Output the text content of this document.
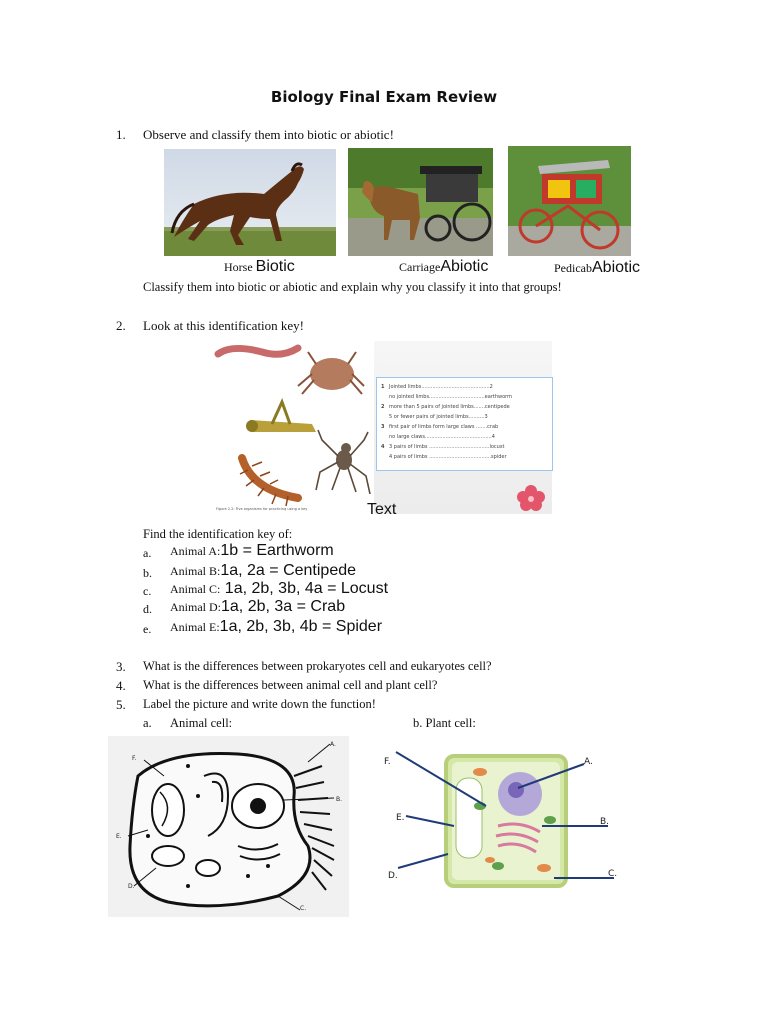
Biology Final Exam Review
1. Observe and classify them into biotic or abiotic!
Horse Biotic	CarriageAbiotic	PedicabAbiotic
Classify them into biotic or abiotic and explain why you classify it into that groups!
2. Look at this identification key!
Figure 2.2: Five organisms for practicing using a key
1 Jointed limbs...........................................2
no jointed limbs...................................earthworm
2 more than 5 pairs of jointed limbs.......centipede
5 or fewer pairs of jointed limbs..........3
3 first pair of limbs form large claws .......crab
no large claws..........................................4
4 3 pairs of limbs ......................................locust
4 pairs of limbs .......................................spider
Text
Find the identification key of:
a. Animal A:1b = Earthworm
b. Animal B:1a, 2a = Centipede
c. Animal C: 1a, 2b, 3b, 4a = Locust
d. Animal D:1a, 2b, 3a = Crab
e. Animal E:1a, 2b, 3b, 4b = Spider
3. What is the differences between prokaryotes cell and eukaryotes cell?
4. What is the differences between animal cell and plant cell?
5. Label the picture and write down the function!
a. Animal cell:	b. Plant cell:
A.
B.
C.
D.
E.
F.	A.
B.
C.
D.
E.
F.
